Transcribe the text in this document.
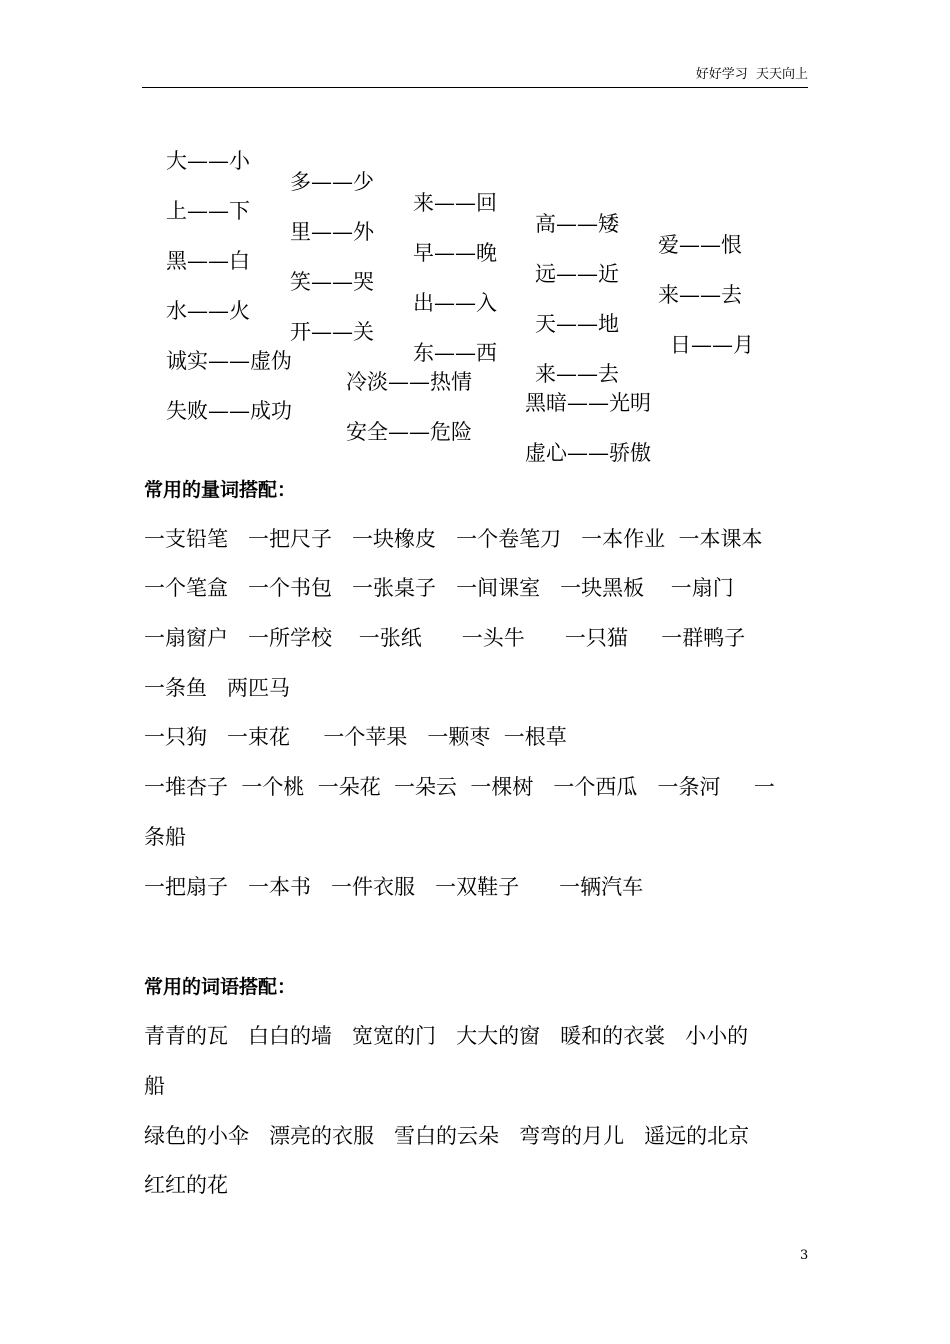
好好学习  天天向上

大——小

多——少

来——回

高——矮

爱——恨

上——下

里——外

早——晚

远——近

来——去

黑——白

笑——哭

出——入

天——地

日——月

水——火

开——关

东——西

来——去

诚实——虚伪

冷淡——热情

黑暗——光明

失败——成功

安全——危险

虚心——骄傲

常用的量词搭配：
一支铅笔   一把尺子   一块橡皮   一个卷笔刀   一本作业  一本课本
一个笔盒   一个书包   一张桌子   一间课室   一块黑板    一扇门
一扇窗户   一所学校    一张纸      一头牛      一只猫     一群鸭子
一条鱼   两匹马
一只狗   一束花     一个苹果   一颗枣  一根草
一堆杏子  一个桃  一朵花  一朵云  一棵树   一个西瓜   一条河     一
条船
一把扇子   一本书   一件衣服   一双鞋子      一辆汽车
常用的词语搭配：
青青的瓦   白白的墙   宽宽的门   大大的窗   暖和的衣裳   小小的
船
绿色的小伞   漂亮的衣服   雪白的云朵   弯弯的月儿   遥远的北京
红红的花
3
